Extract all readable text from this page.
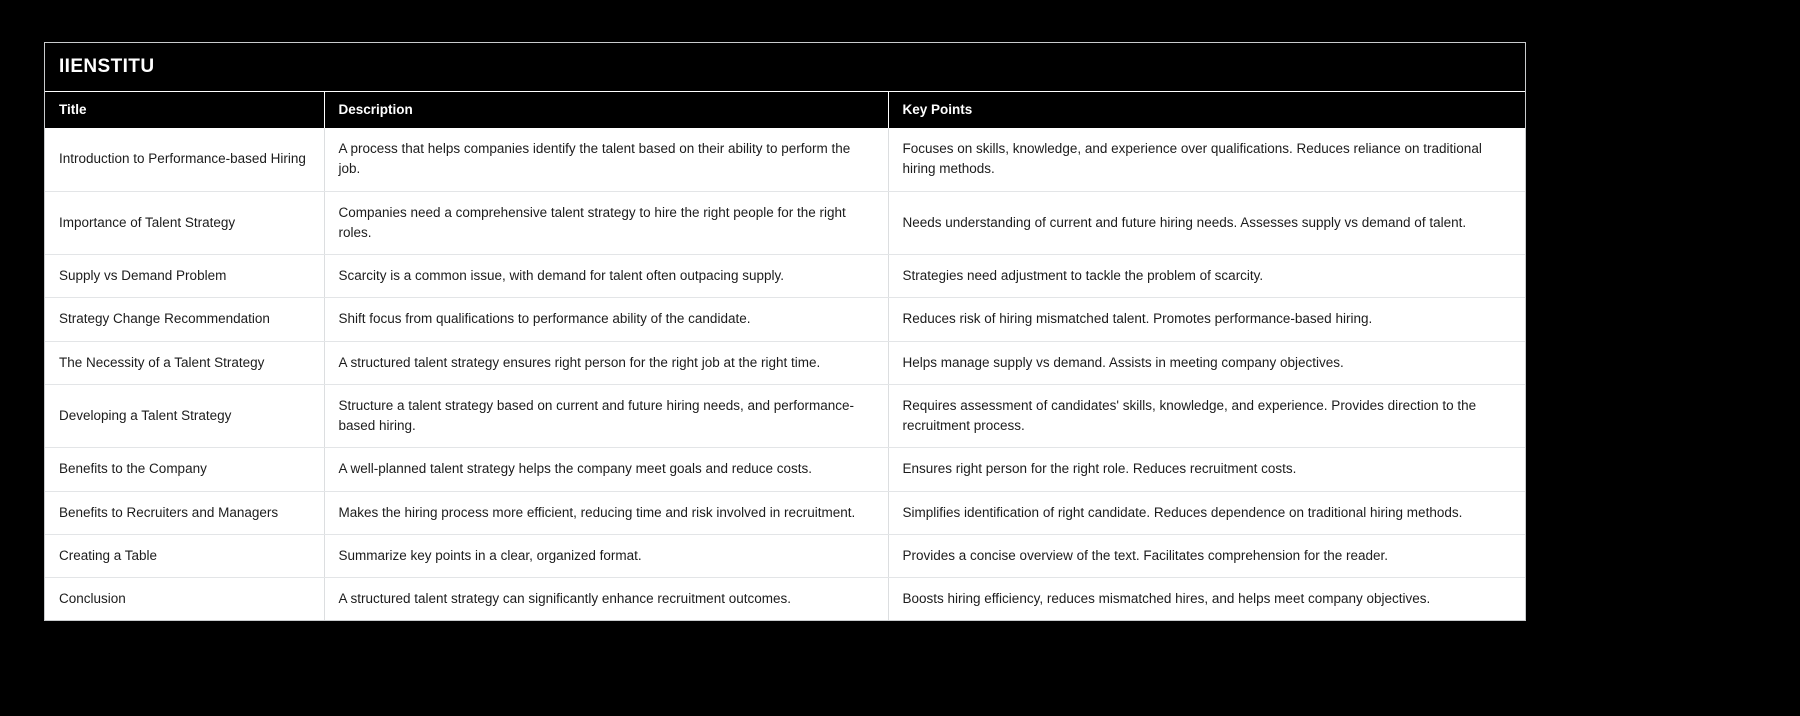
IIENSTITU
Title	Description	Key Points
Introduction to Performance-based Hiring	A process that helps companies identify the talent based on their ability to perform the job.	Focuses on skills, knowledge, and experience over qualifications. Reduces reliance on traditional hiring methods.
Importance of Talent Strategy	Companies need a comprehensive talent strategy to hire the right people for the right roles.	Needs understanding of current and future hiring needs. Assesses supply vs demand of talent.
Supply vs Demand Problem	Scarcity is a common issue, with demand for talent often outpacing supply.	Strategies need adjustment to tackle the problem of scarcity.
Strategy Change Recommendation	Shift focus from qualifications to performance ability of the candidate.	Reduces risk of hiring mismatched talent. Promotes performance-based hiring.
The Necessity of a Talent Strategy	A structured talent strategy ensures right person for the right job at the right time.	Helps manage supply vs demand. Assists in meeting company objectives.
Developing a Talent Strategy	Structure a talent strategy based on current and future hiring needs, and performance-based hiring.	Requires assessment of candidates' skills, knowledge, and experience. Provides direction to the recruitment process.
Benefits to the Company	A well-planned talent strategy helps the company meet goals and reduce costs.	Ensures right person for the right role. Reduces recruitment costs.
Benefits to Recruiters and Managers	Makes the hiring process more efficient, reducing time and risk involved in recruitment.	Simplifies identification of right candidate. Reduces dependence on traditional hiring methods.
Creating a Table	Summarize key points in a clear, organized format.	Provides a concise overview of the text. Facilitates comprehension for the reader.
Conclusion	A structured talent strategy can significantly enhance recruitment outcomes.	Boosts hiring efficiency, reduces mismatched hires, and helps meet company objectives.
